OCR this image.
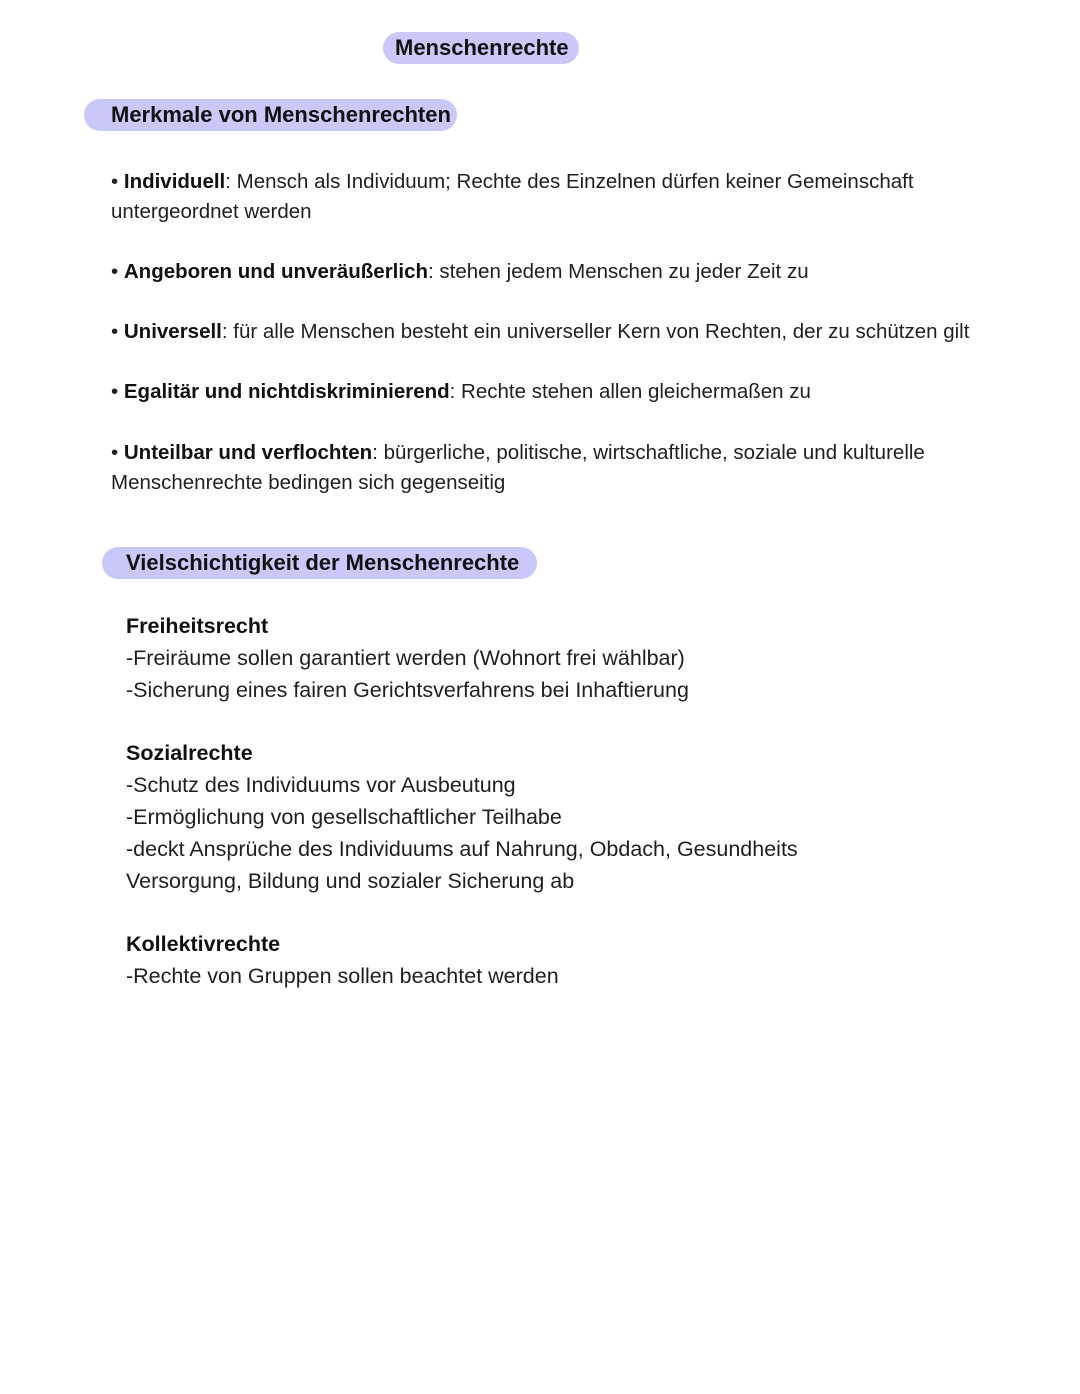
Menschenrechte
Merkmale von Menschenrechten
• Individuell: Mensch als Individuum; Rechte des Einzelnen dürfen keiner Gemeinschaft
untergeordnet werden
• Angeboren und unveräußerlich: stehen jedem Menschen zu jeder Zeit zu
• Universell: für alle Menschen besteht ein universeller Kern von Rechten, der zu schützen gilt
• Egalitär und nichtdiskriminierend: Rechte stehen allen gleichermaßen zu
• Unteilbar und verflochten: bürgerliche, politische, wirtschaftliche, soziale und kulturelle
Menschenrechte bedingen sich gegenseitig
Vielschichtigkeit der Menschenrechte
Freiheitsrecht
-Freiräume sollen garantiert werden (Wohnort frei wählbar)
-Sicherung eines fairen Gerichtsverfahrens bei Inhaftierung
Sozialrechte
-Schutz des Individuums vor Ausbeutung
-Ermöglichung von gesellschaftlicher Teilhabe
-deckt Ansprüche des Individuums auf Nahrung, Obdach, Gesundheits
Versorgung, Bildung und sozialer Sicherung ab
Kollektivrechte
-Rechte von Gruppen sollen beachtet werden
